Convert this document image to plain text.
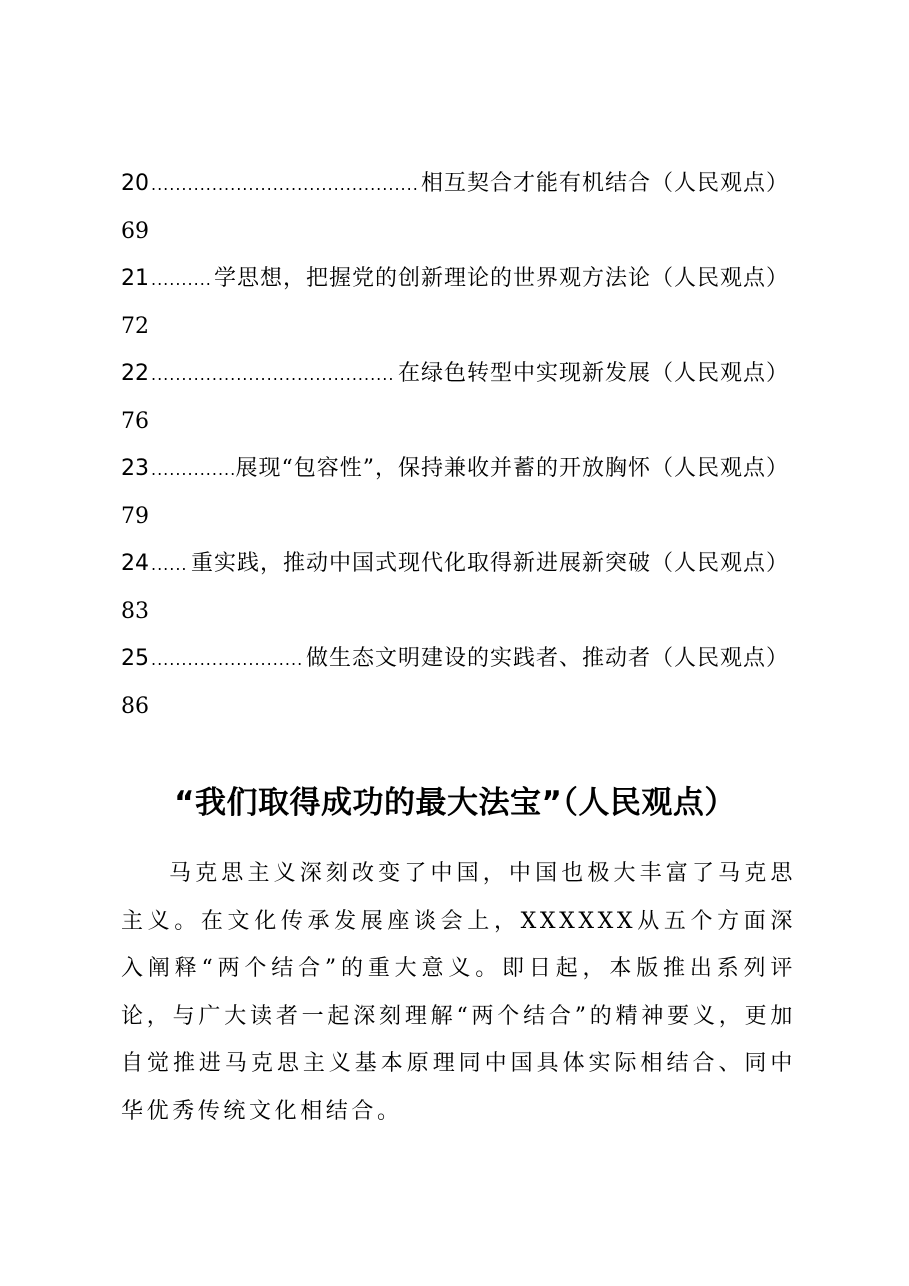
20 .....	相互契合才能有机结合（人民观点）
69
21 .....	学思想，把握党的创新理论的世界观方法论（人民观点）
72
22 .....	在绿色转型中实现新发展（人民观点）
76
23 .....	展现“包容性”，保持兼收并蓄的开放胸怀（人民观点）
79
24 ..... 重实践，推动中国式现代化取得新进展新突破（人民观点）
83
25 .....	做生态文明建设的实践者、推动者（人民观点）
86
“我们取得成功的最大法宝”（人民观点）

马克思主义深刻改变了中国，中国也极大丰富了马克思主义。在文化传承发展座谈会上，XXXXXX从五个方面深入阐释“两个结合”的重大意义。即日起，本版推出系列评论，与广大读者一起深刻理解“两个结合”的精神要义，更加自觉推进马克思主义基本原理同中国具体实际相结合、同中华优秀传统文化相结合。
